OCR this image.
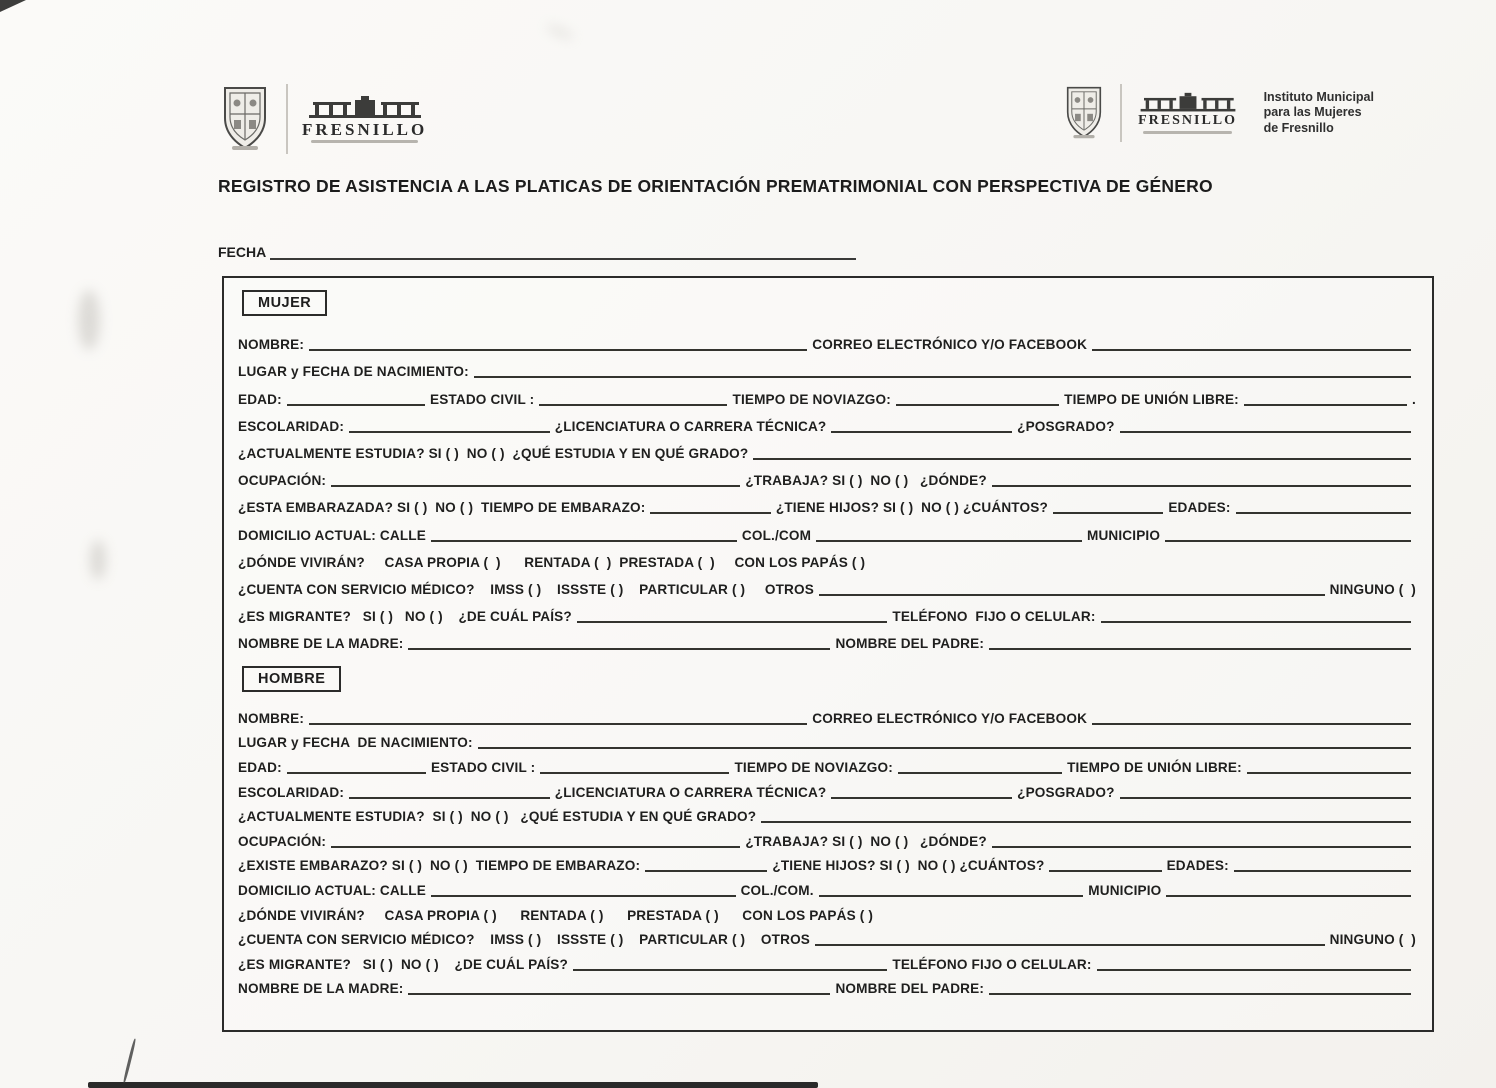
FRESNILLO	FRESNILLO
Instituto Municipal
para las Mujeres
de Fresnillo
REGISTRO DE ASISTENCIA A LAS PLATICAS DE ORIENTACIÓN PREMATRIMONIAL CON PERSPECTIVA DE GÉNERO
FECHA
MUJER
NOMBRE:	CORREO ELECTRÓNICO Y/O FACEBOOK
LUGAR y FECHA DE NACIMIENTO:
EDAD:	ESTADO CIVIL :	TIEMPO DE NOVIAZGO:	TIEMPO DE UNIÓN LIBRE:	.
ESCOLARIDAD:	¿LICENCIATURA O CARRERA TÉCNICA?	¿POSGRADO?
¿ACTUALMENTE ESTUDIA? SI ( )  NO ( )  ¿QUÉ ESTUDIA Y EN QUÉ GRADO?
OCUPACIÓN:	¿TRABAJA? SI ( )  NO ( )   ¿DÓNDE?
¿ESTA EMBARAZADA? SI ( )  NO ( )  TIEMPO DE EMBARAZO:	¿TIENE HIJOS? SI ( )  NO ( ) ¿CUÁNTOS?	EDADES:
DOMICILIO ACTUAL: CALLE	COL./COM	MUNICIPIO
¿DÓNDE VIVIRÁN?     CASA PROPIA (  )      RENTADA (  )  PRESTADA (  )     CON LOS PAPÁS ( )
¿CUENTA CON SERVICIO MÉDICO?    IMSS ( )    ISSSTE ( )    PARTICULAR ( )     OTROS	NINGUNO (  )
¿ES MIGRANTE?   SI ( )   NO ( )    ¿DE CUÁL PAÍS?	TELÉFONO  FIJO O CELULAR:
NOMBRE DE LA MADRE:	NOMBRE DEL PADRE:
HOMBRE
NOMBRE:	CORREO ELECTRÓNICO Y/O FACEBOOK
LUGAR y FECHA  DE NACIMIENTO:
EDAD:	ESTADO CIVIL :	TIEMPO DE NOVIAZGO:	TIEMPO DE UNIÓN LIBRE:
ESCOLARIDAD:	¿LICENCIATURA O CARRERA TÉCNICA?	¿POSGRADO?
¿ACTUALMENTE ESTUDIA?  SI ( )  NO ( )   ¿QUÉ ESTUDIA Y EN QUÉ GRADO?
OCUPACIÓN:	¿TRABAJA? SI ( )  NO ( )   ¿DÓNDE?
¿EXISTE EMBARAZO? SI ( )  NO ( )  TIEMPO DE EMBARAZO:	¿TIENE HIJOS? SI ( )  NO ( ) ¿CUÁNTOS?	EDADES:
DOMICILIO ACTUAL: CALLE	COL./COM.	MUNICIPIO
¿DÓNDE VIVIRÁN?     CASA PROPIA ( )      RENTADA ( )      PRESTADA ( )      CON LOS PAPÁS ( )
¿CUENTA CON SERVICIO MÉDICO?    IMSS ( )    ISSSTE ( )    PARTICULAR ( )    OTROS	NINGUNO (  )
¿ES MIGRANTE?   SI ( )  NO ( )    ¿DE CUÁL PAÍS?	TELÉFONO FIJO O CELULAR:
NOMBRE DE LA MADRE:	NOMBRE DEL PADRE:
